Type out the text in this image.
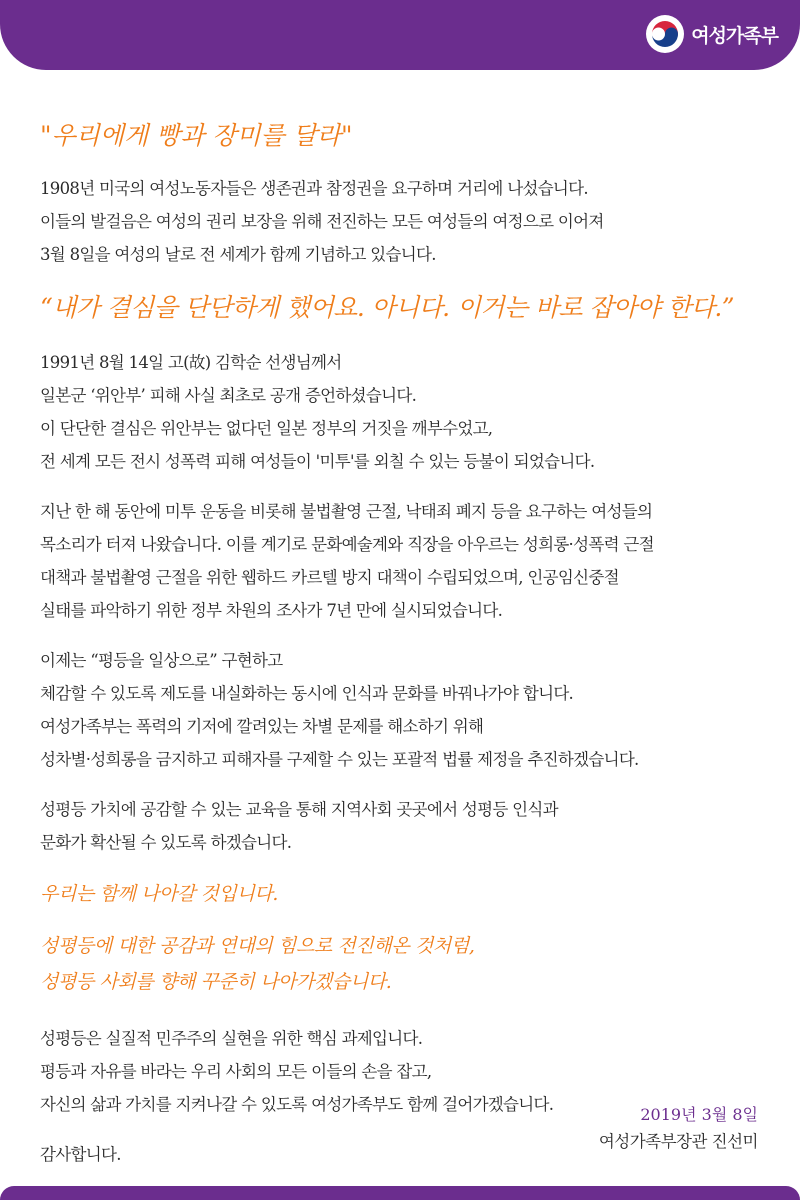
여성가족부

"우리에게 빵과 장미를 달라"

1908년 미국의 여성노동자들은 생존권과 참정권을 요구하며 거리에 나섰습니다.
이들의 발걸음은 여성의 권리 보장을 위해 전진하는 모든 여성들의 여정으로 이어져
3월 8일을 여성의 날로 전 세계가 함께 기념하고 있습니다.

“내가 결심을 단단하게 했어요. 아니다. 이거는 바로 잡아야 한다.”

1991년 8월 14일 고(故) 김학순 선생님께서
일본군 ‘위안부’ 피해 사실 최초로 공개 증언하셨습니다.
이 단단한 결심은 위안부는 없다던 일본 정부의 거짓을 깨부수었고,
전 세계 모든 전시 성폭력 피해 여성들이 '미투'를 외칠 수 있는 등불이 되었습니다.
지난 한 해 동안에 미투 운동을 비롯해 불법촬영 근절, 낙태죄 폐지 등을 요구하는 여성들의
목소리가 터져 나왔습니다. 이를 계기로 문화예술계와 직장을 아우르는 성희롱·성폭력 근절
대책과 불법촬영 근절을 위한 웹하드 카르텔 방지 대책이 수립되었으며, 인공임신중절
실태를 파악하기 위한 정부 차원의 조사가 7년 만에 실시되었습니다.
이제는 “평등을 일상으로” 구현하고
체감할 수 있도록 제도를 내실화하는 동시에 인식과 문화를 바꿔나가야 합니다.
여성가족부는 폭력의 기저에 깔려있는 차별 문제를 해소하기 위해
성차별·성희롱을 금지하고 피해자를 구제할 수 있는 포괄적 법률 제정을 추진하겠습니다.
성평등 가치에 공감할 수 있는 교육을 통해 지역사회 곳곳에서 성평등 인식과
문화가 확산될 수 있도록 하겠습니다.
우리는 함께 나아갈 것입니다.
성평등에 대한 공감과 연대의 힘으로 전진해온 것처럼,
성평등 사회를 향해 꾸준히 나아가겠습니다.
성평등은 실질적 민주주의 실현을 위한 핵심 과제입니다.
평등과 자유를 바라는 우리 사회의 모든 이들의 손을 잡고,
자신의 삶과 가치를 지켜나갈 수 있도록 여성가족부도 함께 걸어가겠습니다.
감사합니다.
2019년 3월 8일
여성가족부장관 진선미
